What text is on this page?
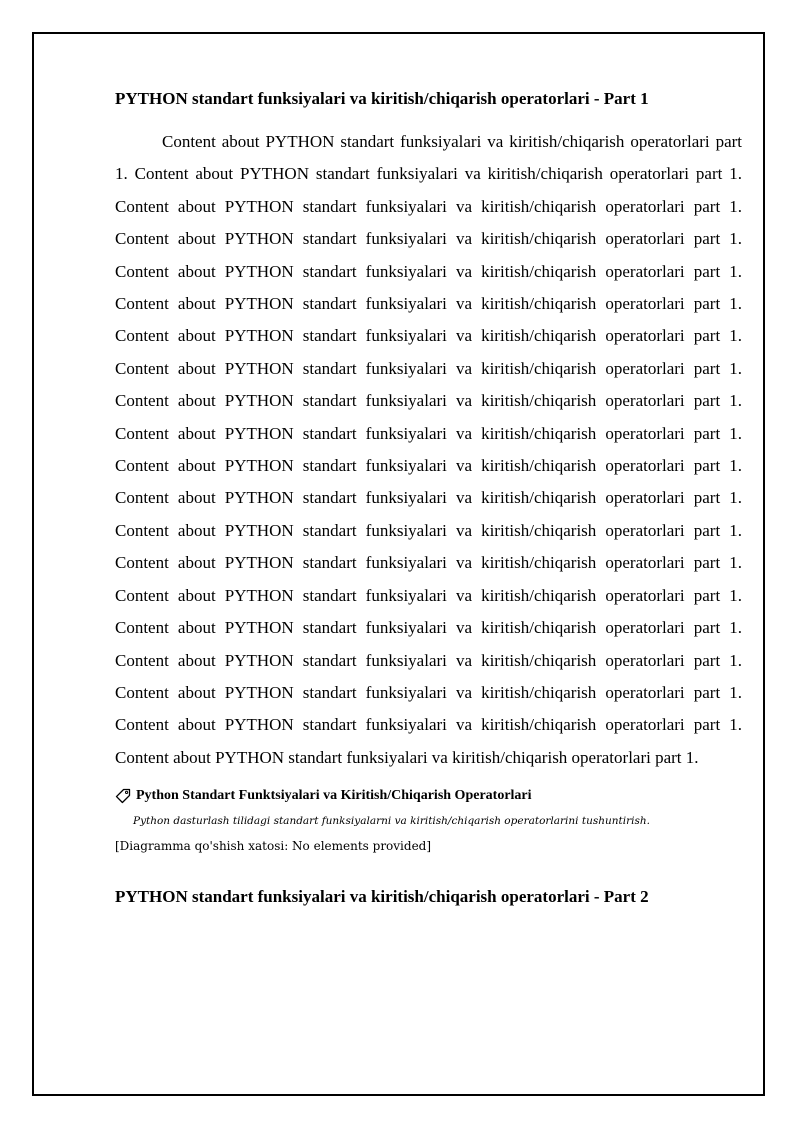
PYTHON standart funksiyalari va kiritish/chiqarish operatorlari - Part 1

Content about PYTHON standart funksiyalari va kiritish/chiqarish operatorlari part 1. Content about PYTHON standart funksiyalari va kiritish/chiqarish operatorlari part 1. Content about PYTHON standart funksiyalari va kiritish/chiqarish operatorlari part 1. Content about PYTHON standart funksiyalari va kiritish/chiqarish operatorlari part 1. Content about PYTHON standart funksiyalari va kiritish/chiqarish operatorlari part 1. Content about PYTHON standart funksiyalari va kiritish/chiqarish operatorlari part 1. Content about PYTHON standart funksiyalari va kiritish/chiqarish operatorlari part 1. Content about PYTHON standart funksiyalari va kiritish/chiqarish operatorlari part 1. Content about PYTHON standart funksiyalari va kiritish/chiqarish operatorlari part 1. Content about PYTHON standart funksiyalari va kiritish/chiqarish operatorlari part 1. Content about PYTHON standart funksiyalari va kiritish/chiqarish operatorlari part 1. Content about PYTHON standart funksiyalari va kiritish/chiqarish operatorlari part 1. Content about PYTHON standart funksiyalari va kiritish/chiqarish operatorlari part 1. Content about PYTHON standart funksiyalari va kiritish/chiqarish operatorlari part 1. Content about PYTHON standart funksiyalari va kiritish/chiqarish operatorlari part 1. Content about PYTHON standart funksiyalari va kiritish/chiqarish operatorlari part 1. Content about PYTHON standart funksiyalari va kiritish/chiqarish operatorlari part 1. Content about PYTHON standart funksiyalari va kiritish/chiqarish operatorlari part 1. Content about PYTHON standart funksiyalari va kiritish/chiqarish operatorlari part 1. Content about PYTHON standart funksiyalari va kiritish/chiqarish operatorlari part 1.

Python Standart Funktsiyalari va Kiritish/Chiqarish Operatorlari
Python dasturlash tilidagi standart funksiyalarni va kiritish/chiqarish operatorlarini tushuntirish.
[Diagramma qo'shish xatosi: No elements provided]
PYTHON standart funksiyalari va kiritish/chiqarish operatorlari - Part 2
